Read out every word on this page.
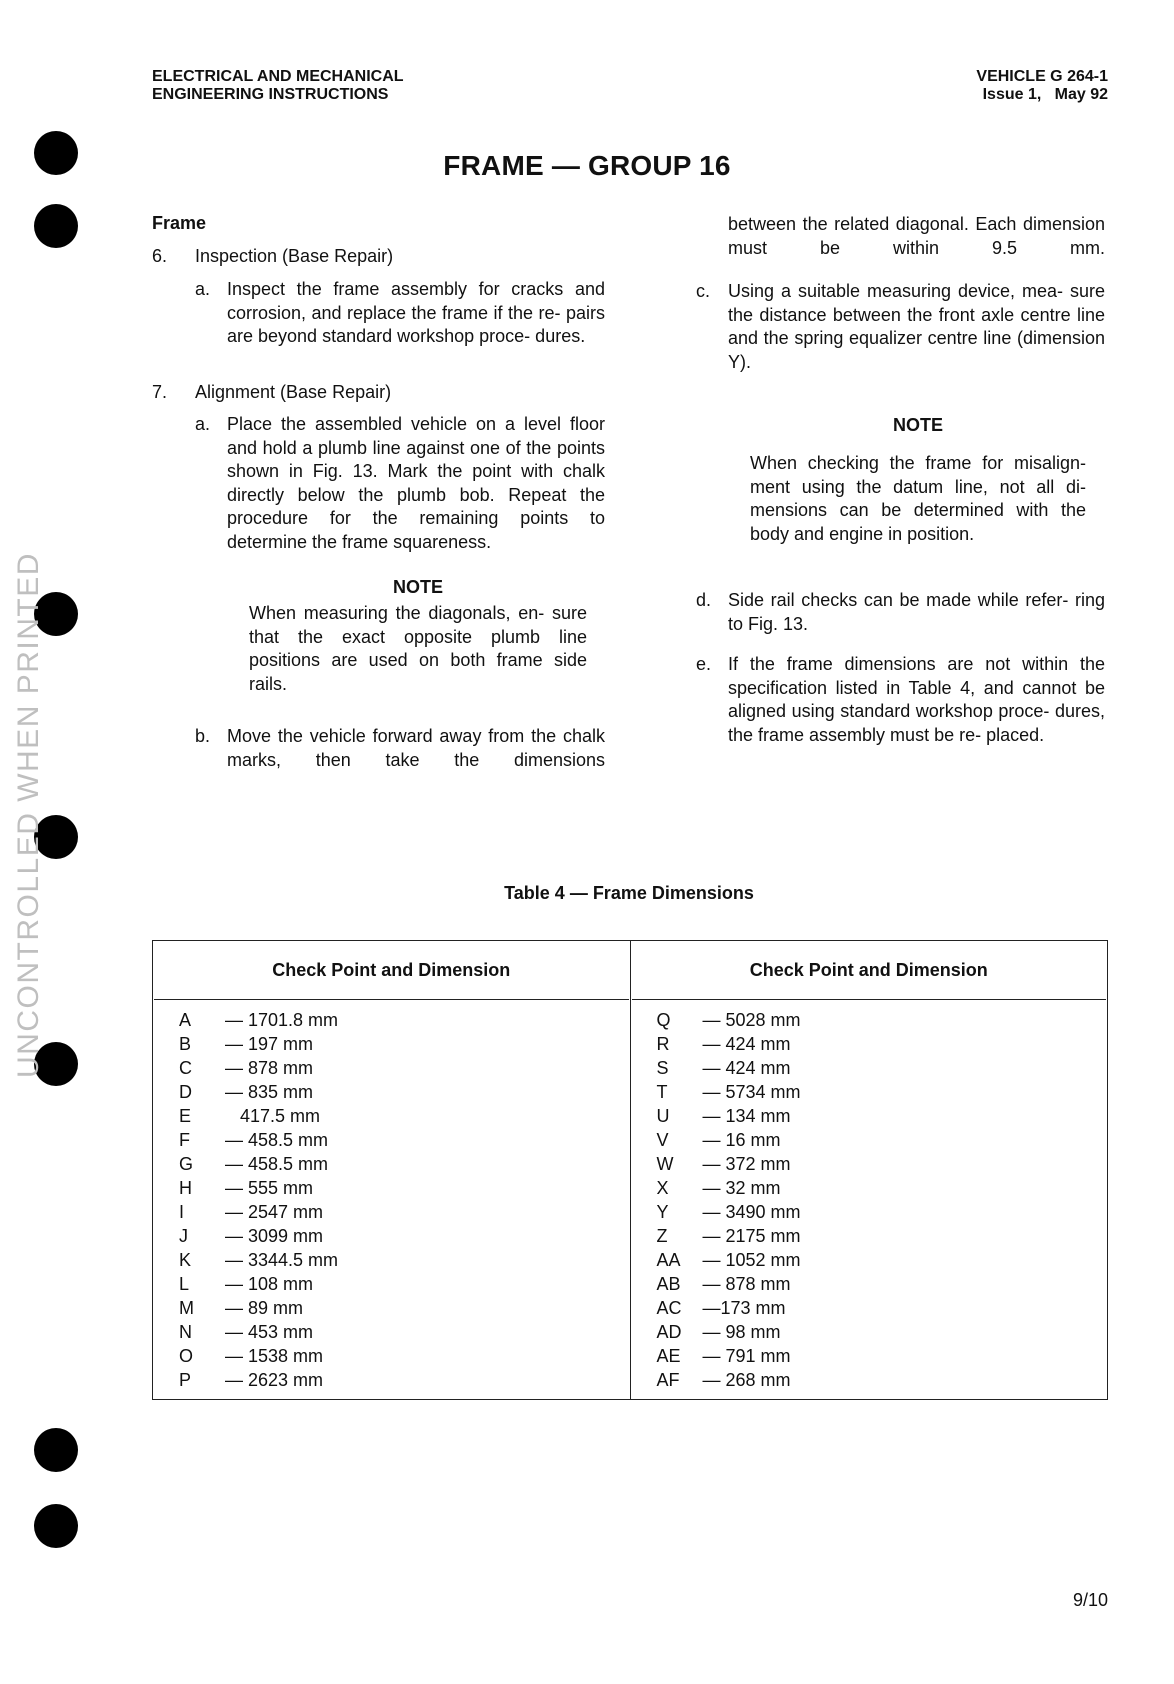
UNCONTROLLED WHEN PRINTED
ELECTRICAL AND MECHANICAL
ENGINEERING INSTRUCTIONS
VEHICLE G 264-1
Issue 1,   May 92
FRAME — GROUP 16
Frame
6. Inspection (Base Repair)
a. Inspect the frame assembly for cracks and corrosion, and replace the frame if the re- pairs are beyond standard workshop proce- dures.
7. Alignment (Base Repair)
a. Place the assembled vehicle on a level floor and hold a plumb line against one of the points shown in Fig. 13. Mark the point with chalk directly below the plumb bob. Repeat the procedure for the remaining points to determine the frame squareness.
NOTE
When measuring the diagonals, en- sure that the exact opposite plumb line positions are used on both frame side rails.
b. Move the vehicle forward away from the chalk marks, then take the dimensions
between the related diagonal. Each dimension must be within 9.5 mm.
c. Using a suitable measuring device, mea- sure the distance between the front axle centre line and the spring equalizer centre line (dimension Y).
NOTE
When checking the frame for misalign- ment using the datum line, not all di- mensions can be determined with the body and engine in position.
d. Side rail checks can be made while refer- ring to Fig. 13.
e. If the frame dimensions are not within the specification listed in Table 4, and cannot be aligned using standard workshop proce- dures, the frame assembly must be re- placed.
Table 4 — Frame Dimensions
Check Point and Dimension
A — 1701.8 mm
B — 197 mm
C — 878 mm
D — 835 mm
E   417.5 mm
F — 458.5 mm
G — 458.5 mm
H — 555 mm
I — 2547 mm
J — 3099 mm
K — 3344.5 mm
L — 108 mm
M — 89 mm
N — 453 mm
O — 1538 mm
P — 2623 mm

Check Point and Dimension
Q — 5028 mm
R — 424 mm
S — 424 mm
T — 5734 mm
U — 134 mm
V — 16 mm
W — 372 mm
X — 32 mm
Y — 3490 mm
Z — 2175 mm
AA — 1052 mm
AB — 878 mm
AC —173 mm
AD — 98 mm
AE — 791 mm
AF — 268 mm
9/10
